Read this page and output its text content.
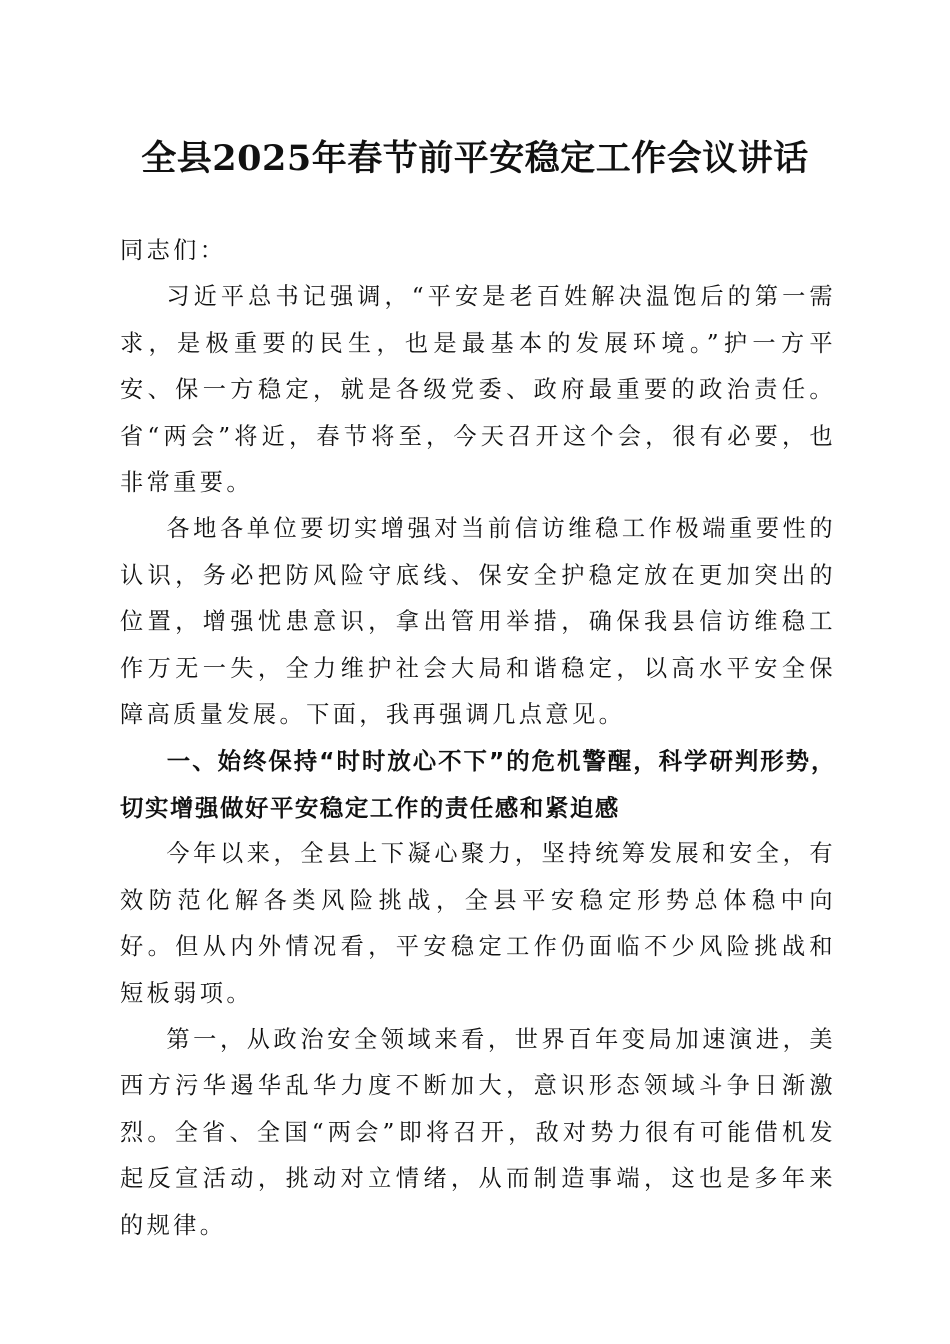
全县2025年春节前平安稳定工作会议讲话

同志们：

习近平总书记强调，“平安是老百姓解决温饱后的第一需求，是极重要的民生，也是最基本的发展环境。”护一方平安、保一方稳定，就是各级党委、政府最重要的政治责任。省“两会”将近，春节将至，今天召开这个会，很有必要，也非常重要。

各地各单位要切实增强对当前信访维稳工作极端重要性的认识，务必把防风险守底线、保安全护稳定放在更加突出的位置，增强忧患意识，拿出管用举措，确保我县信访维稳工作万无一失，全力维护社会大局和谐稳定，以高水平安全保障高质量发展。下面，我再强调几点意见。

一、始终保持“时时放心不下”的危机警醒，科学研判形势，切实增强做好平安稳定工作的责任感和紧迫感

今年以来，全县上下凝心聚力，坚持统筹发展和安全，有效防范化解各类风险挑战，全县平安稳定形势总体稳中向好。但从内外情况看，平安稳定工作仍面临不少风险挑战和短板弱项。

第一，从政治安全领域来看，世界百年变局加速演进，美西方污华遏华乱华力度不断加大，意识形态领域斗争日渐激烈。全省、全国“两会”即将召开，敌对势力很有可能借机发起反宣活动，挑动对立情绪，从而制造事端，这也是多年来的规律。
